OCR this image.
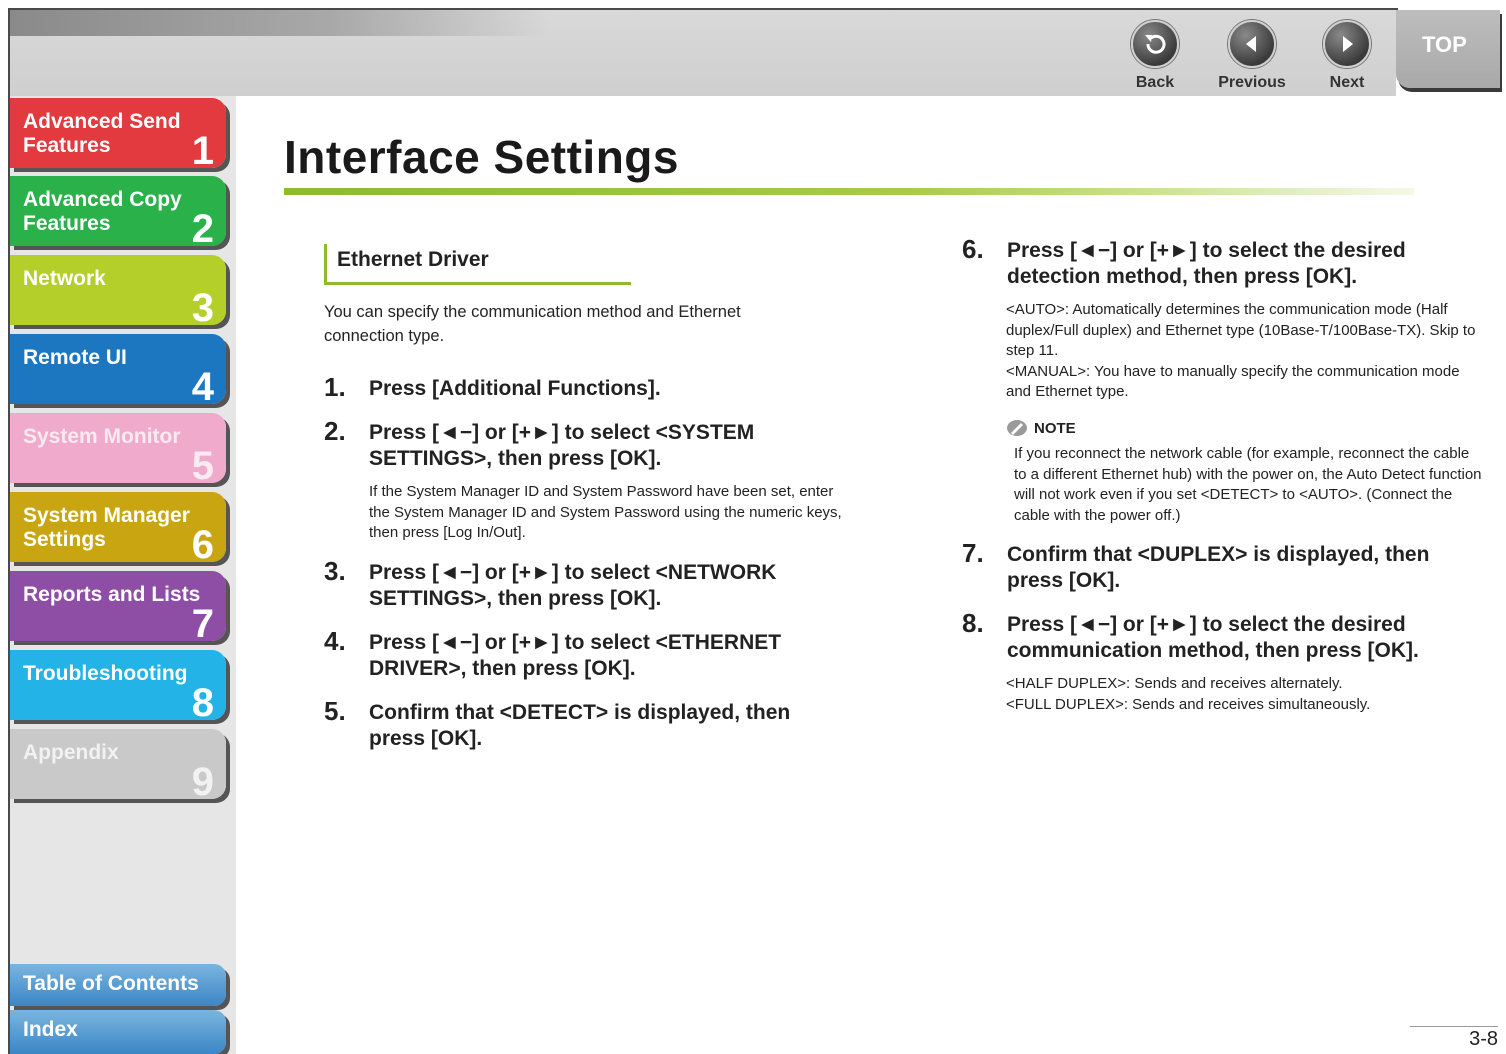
Back	Previous	Next
TOP
Advanced Send Features	1
Advanced Copy Features	2
Network
3
Remote UI
4
System Monitor
5
System Manager Settings	6
Reports and Lists
7
Troubleshooting
8
Appendix
9
Table of Contents
Index
Interface Settings
Ethernet Driver
You can specify the communication method and Ethernet connection type.
1. Press [Additional Functions].
2. Press [◄−] or [+►] to select <SYSTEM SETTINGS>, then press [OK].
If the System Manager ID and System Password have been set, enter the System Manager ID and System Password using the numeric keys, then press [Log In/Out].
3. Press [◄−] or [+►] to select <NETWORK SETTINGS>, then press [OK].
4. Press [◄−] or [+►] to select <ETHERNET DRIVER>, then press [OK].
5. Confirm that <DETECT> is displayed, then press [OK].
6. Press [◄−] or [+►] to select the desired detection method, then press [OK].
<AUTO>: Automatically determines the communication mode (Half duplex/Full duplex) and Ethernet type (10Base-T/100Base-TX). Skip to step 11.
<MANUAL>: You have to manually specify the communication mode and Ethernet type.
NOTE
If you reconnect the network cable (for example, reconnect the cable to a different Ethernet hub) with the power on, the Auto Detect function will not work even if you set <DETECT> to <AUTO>. (Connect the cable with the power off.)
7. Confirm that <DUPLEX> is displayed, then press [OK].
8. Press [◄−] or [+►] to select the desired communication method, then press [OK].
<HALF DUPLEX>: Sends and receives alternately.
<FULL DUPLEX>: Sends and receives simultaneously.
3-8
